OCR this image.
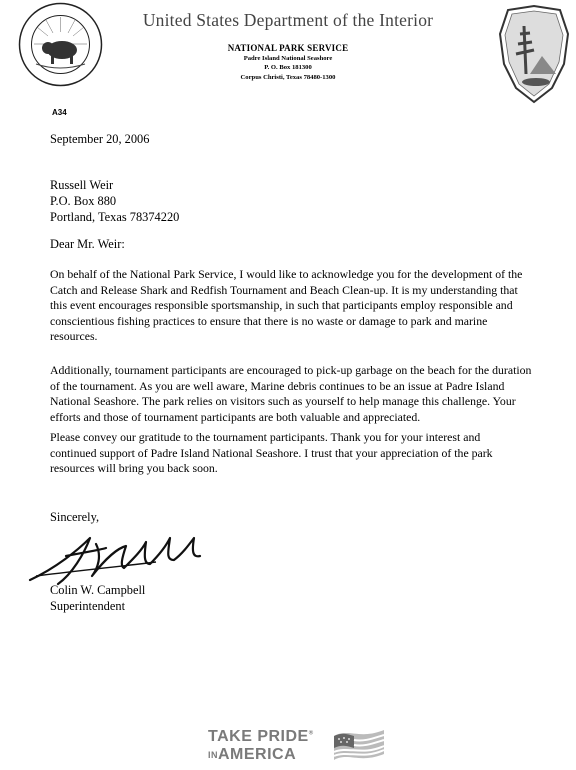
United States Department of the Interior
NATIONAL PARK SERVICE
Padre Island National Seashore
P. O. Box 181300
Corpus Christi, Texas 78480-1300
A34
September 20, 2006
Russell Weir
P.O. Box 880
Portland, Texas 78374220
Dear Mr. Weir:
On behalf of the National Park Service, I would like to acknowledge you for the development of the
Catch and Release Shark and Redfish Tournament and Beach Clean-up. It is my understanding that
this event encourages responsible sportsmanship, in such that participants employ responsible and
conscientious fishing practices to ensure that there is no waste or damage to park and marine
resources.
Additionally, tournament participants are encouraged to pick-up garbage on the beach for the duration
of the tournament. As you are well aware, Marine debris continues to be an issue at Padre Island
National Seashore. The park relies on visitors such as yourself to help manage this challenge. Your
efforts and those of tournament participants are both valuable and appreciated.
Please convey our gratitude to the tournament participants. Thank you for your interest and
continued support of Padre Island National Seashore. I trust that your appreciation of the park
resources will bring you back soon.
Sincerely,
Colin W. Campbell
Superintendent
TAKE PRIDE®
INAMERICA
